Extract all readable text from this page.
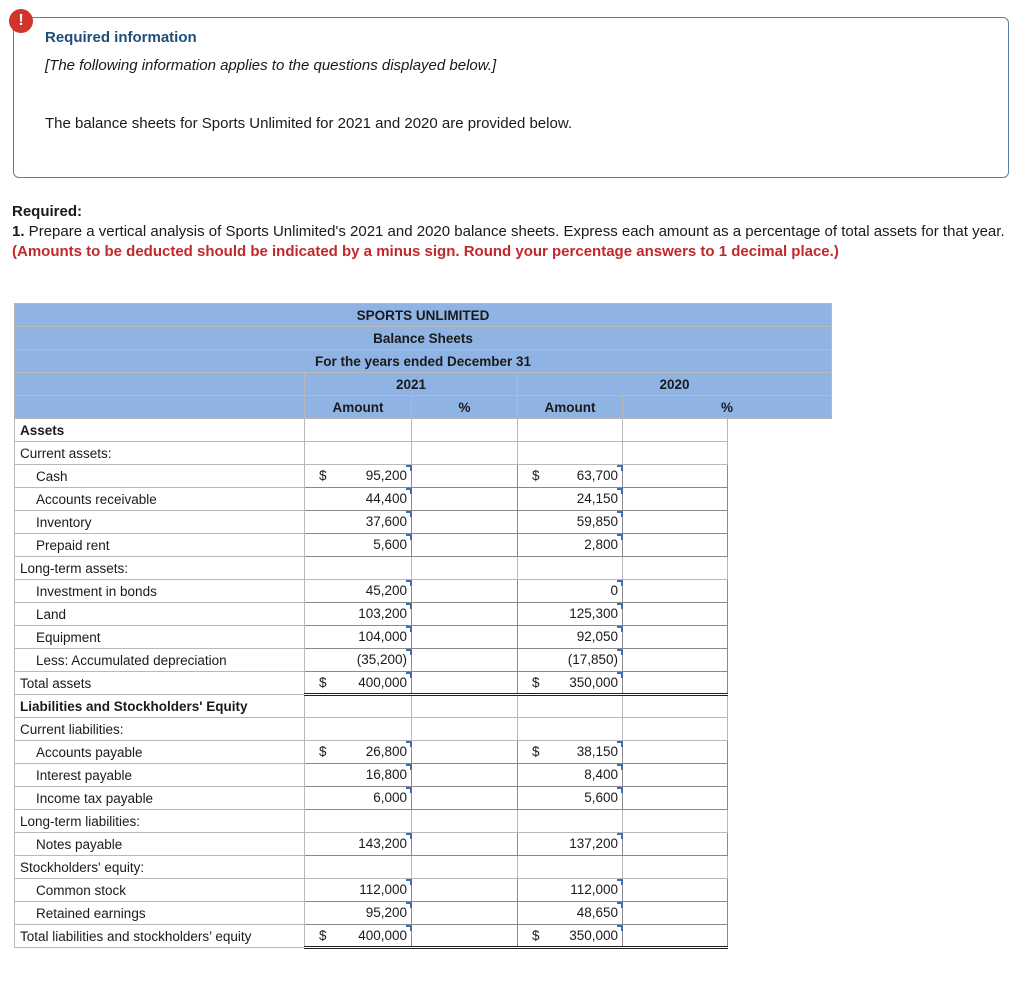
!
Required information
[The following information applies to the questions displayed below.]
The balance sheets for Sports Unlimited for 2021 and 2020 are provided below.
Required:
1. Prepare a vertical analysis of Sports Unlimited's 2021 and 2020 balance sheets. Express each amount as a percentage of total assets for that year. (Amounts to be deducted should be indicated by a minus sign. Round your percentage answers to 1 decimal place.)
SPORTS UNLIMITED				
Balance Sheets				
For the years ended December 31				
	2021		2020	
	Amount	%	Amount	%
Assets				
Current assets:				
Cash	$ 95,200		$ 63,700	

Accounts receivable	44,400		24,150	

Inventory	37,600		59,850	

Prepaid rent	5,600		2,800	

Long-term assets:				
Investment in bonds	45,200		0	

Land	103,200		125,300	

Equipment	104,000		92,050	

Less: Accumulated depreciation	(35,200)		(17,850)	

Total assets	$ 400,000		$ 350,000	

Liabilities and Stockholders' Equity				
Current liabilities:				
Accounts payable	$ 26,800		$ 38,150	

Interest payable	16,800		8,400	

Income tax payable	6,000		5,600	

Long-term liabilities:				
Notes payable	143,200		137,200	

Stockholders' equity:				
Common stock	112,000		112,000	

Retained earnings	95,200		48,650	

Total liabilities and stockholders’ equity	$ 400,000		$ 350,000	
